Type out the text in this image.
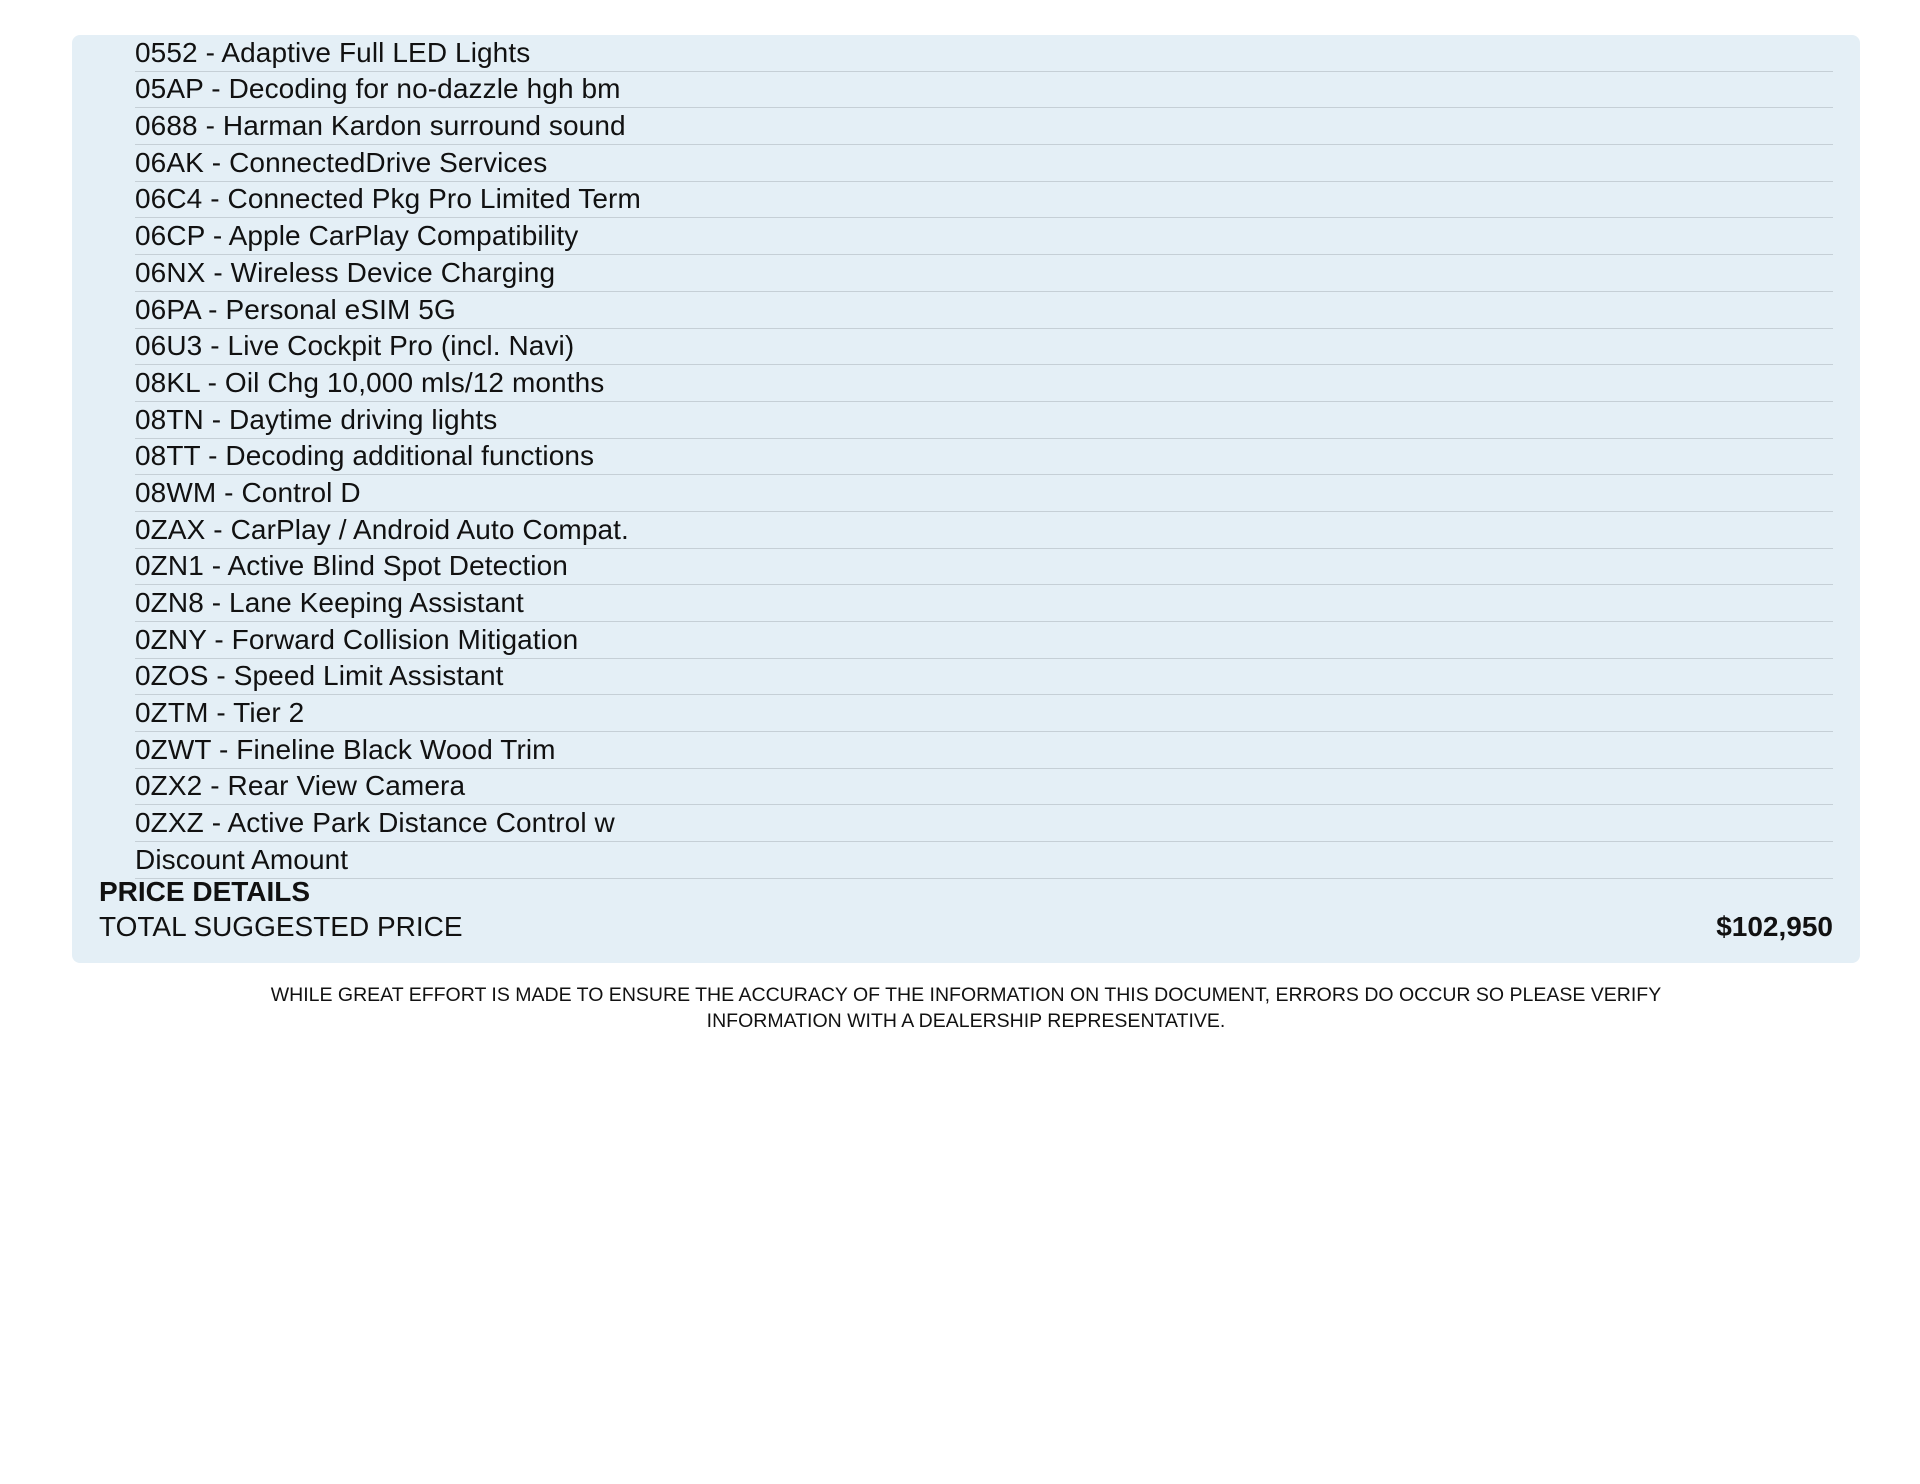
0552 - Adaptive Full LED Lights
05AP - Decoding for no-dazzle hgh bm
0688 - Harman Kardon surround sound
06AK - ConnectedDrive Services
06C4 - Connected Pkg Pro Limited Term
06CP - Apple CarPlay Compatibility
06NX - Wireless Device Charging
06PA - Personal eSIM 5G
06U3 - Live Cockpit Pro (incl. Navi)
08KL - Oil Chg 10,000 mls/12 months
08TN - Daytime driving lights
08TT - Decoding additional functions
08WM - Control D
0ZAX - CarPlay / Android Auto Compat.
0ZN1 - Active Blind Spot Detection
0ZN8 - Lane Keeping Assistant
0ZNY - Forward Collision Mitigation
0ZOS - Speed Limit Assistant
0ZTM - Tier 2
0ZWT - Fineline Black Wood Trim
0ZX2 - Rear View Camera
0ZXZ - Active Park Distance Control w
Discount Amount
PRICE DETAILS
TOTAL SUGGESTED PRICE	$102,950
WHILE GREAT EFFORT IS MADE TO ENSURE THE ACCURACY OF THE INFORMATION ON THIS DOCUMENT, ERRORS DO OCCUR SO PLEASE VERIFY
INFORMATION WITH A DEALERSHIP REPRESENTATIVE.
